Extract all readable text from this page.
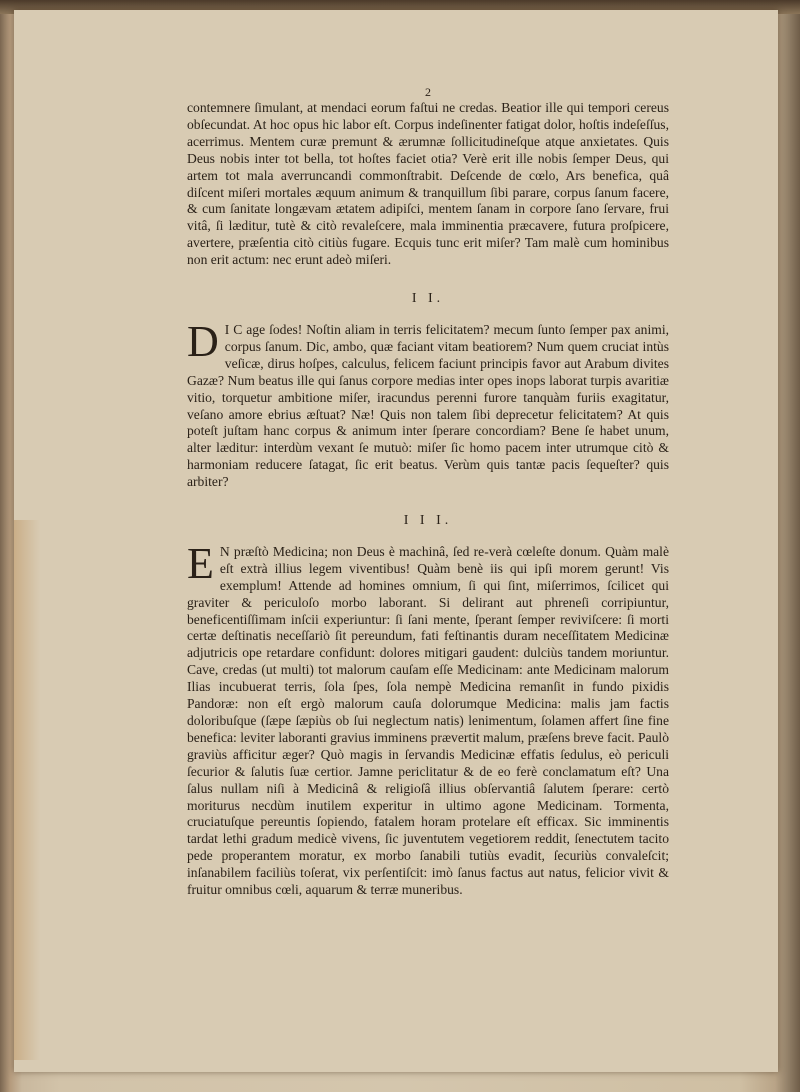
2

contemnere ſimulant, at mendaci eorum faſtui ne credas. Beatior ille qui tempori cereus obſecundat. At hoc opus hic labor eſt. Corpus indeſinenter fatigat dolor, hoſtis indeſeſſus, acerrimus. Mentem curæ premunt & ærumnæ ſollicitudineſque atque anxietates. Quis Deus nobis inter tot bella, tot hoſtes faciet otia? Verè erit ille nobis ſemper Deus, qui artem tot mala averruncandi commonſtrabit. Deſcende de cœlo, Ars benefica, quâ diſcent miſeri mortales æquum animum & tranquillum ſibi parare, corpus ſanum facere, & cum ſanitate longævam ætatem adipiſci, mentem ſanam in corpore ſano ſervare, frui vitâ, ſi læditur, tutè & citò revaleſcere, mala imminentia præcavere, futura proſpicere, avertere, præſentia citò citiùs fugare. Ecquis tunc erit miſer? Tam malè cum hominibus non erit actum: nec erunt adeò miſeri.

I I.
D I C age ſodes! Noſtin aliam in terris felicitatem? mecum ſunto ſemper pax animi, corpus ſanum. Dic, ambo, quæ faciant vitam beatiorem? Num quem cruciat intùs veſicæ, dirus hoſpes, calculus, felicem faciunt principis favor aut Arabum divites Gazæ? Num beatus ille qui ſanus corpore medias inter opes inops laborat turpis avaritiæ vitio, torquetur ambitione miſer, iracundus perenni furore tanquàm furiis exagitatur, veſano amore ebrius æſtuat? Næ! Quis non talem ſibi deprecetur felicitatem? At quis poteſt juſtam hanc corpus & animum inter ſperare concordiam? Bene ſe habet unum, alter læditur: interdùm vexant ſe mutuò: miſer ſic homo pacem inter utrumque citò & harmoniam reducere ſatagat, ſic erit beatus. Verùm quis tantæ pacis ſequeſter? quis arbiter?

I I I.
E N præſtò Medicina; non Deus è machinâ, ſed re-verà cœleſte donum. Quàm malè eſt extrà illius legem viventibus! Quàm benè iis qui ipſi morem gerunt! Vis exemplum! Attende ad homines omnium, ſi qui ſint, miſerrimos, ſcilicet qui graviter & periculoſo morbo laborant. Si delirant aut phreneſi corripiuntur, beneficentiſſimam inſcii experiuntur: ſi ſani mente, ſperant ſemper reviviſcere: ſi morti certæ deſtinatis neceſſariò ſit pereundum, fati feſtinantis duram neceſſitatem Medicinæ adjutricis ope retardare confidunt: dolores mitigari gaudent: dulciùs tandem moriuntur. Cave, credas (ut multi) tot malorum cauſam eſſe Medicinam: ante Medicinam malorum Ilias incubuerat terris, ſola ſpes, ſola nempè Medicina remanſit in fundo pixidis Pandoræ: non eſt ergò malorum cauſa dolorumque Medicina: malis jam factis doloribuſque (ſæpe ſæpiùs ob ſui neglectum natis) lenimentum, ſolamen affert ſine fine benefica: leviter laboranti gravius imminens prævertit malum, præſens breve facit. Paulò graviùs afficitur æger? Quò magis in ſervandis Medicinæ effatis ſedulus, eò periculi ſecurior & ſalutis ſuæ certior. Jamne periclitatur & de eo ferè conclamatum eſt? Una ſalus nullam niſi à Medicinâ & religioſâ illius obſervantiâ ſalutem ſperare: certò moriturus necdùm inutilem experitur in ultimo agone Medicinam. Tormenta, cruciatuſque pereuntis ſopiendo, fatalem horam protelare eſt efficax. Sic imminentis tardat lethi gradum medicè vivens, ſic juventutem vegetiorem reddit, ſenectutem tacito pede properantem moratur, ex morbo ſanabili tutiùs evadit, ſecuriùs convaleſcit; inſanabilem faciliùs toſerat, vix perſentiſcit: imò ſanus factus aut natus, felicior vivit & fruitur omnibus cœli, aquarum & terræ muneribus.
